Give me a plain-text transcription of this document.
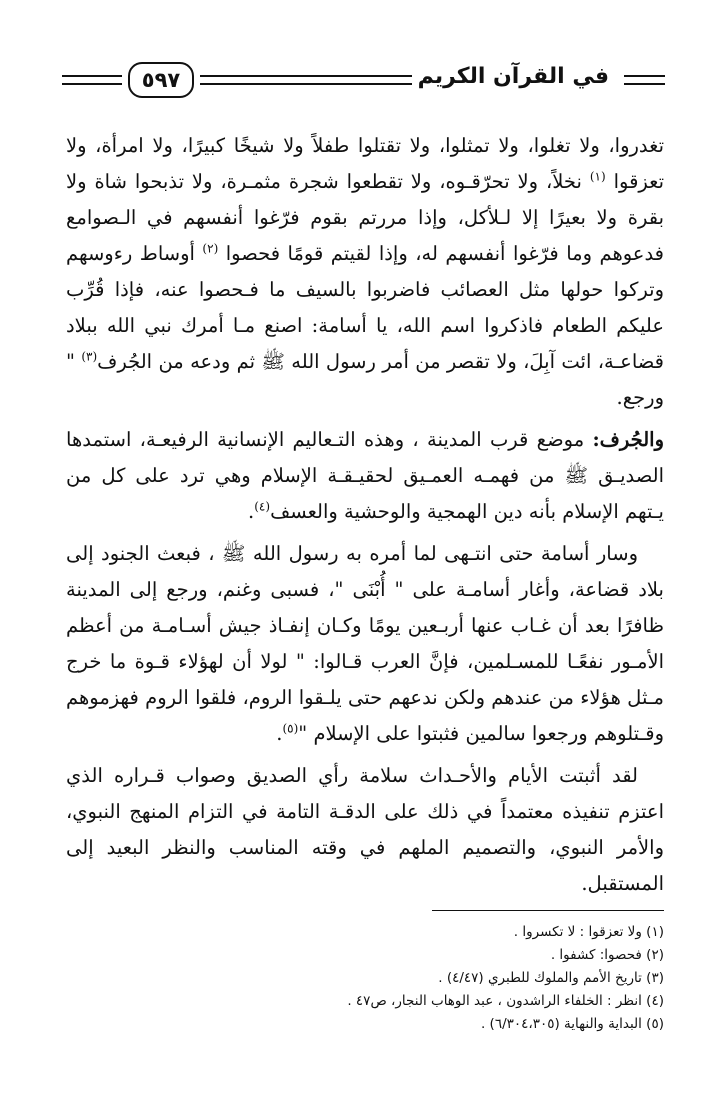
٥٩٧	في القرآن الكريم

تغدروا، ولا تغلوا، ولا تمثلوا، ولا تقتلوا طفلاً ولا شيخًا كبيرًا، ولا امرأة، ولا تعزقوا $^{(١)}$ نخلاً، ولا تحرّقـوه، ولا تقطعوا شجرة مثمـرة، ولا تذبحوا شاة ولا بقرة ولا بعيرًا إلا لـلأكل، وإذا مررتم بقوم فرّغوا أنفسهم في الـصوامع فدعوهم وما فرّغوا أنفسهم له، وإذا لقيتم قومًا فحصوا $^{(٢)}$ أوساط رءوسهم وتركوا حولها مثل العصائب فاضربوا بالسيف ما فـحصوا عنه، فإذا قُرِّب عليكم الطعام فاذكروا اسم الله، يا أسامة: اصنع مـا أمرك نبي الله ببلاد قضاعـة، ائت آبِلَ، ولا تقصر من أمر رسول الله ﷺ ثم ودعه من الجُرف$^{(٣)}$ " ورجع.

والجُرف: موضع قرب المدينة ، وهذه التـعاليم الإنسانية الرفيعـة، استمدها الصديـق ﷺ من فهمـه العمـيق لحقيـقـة الإسلام وهي ترد على كل من يـتهم الإسلام بأنه دين الهمجية والوحشية والعسف$^{(٤)}$.

وسار أسامة حتى انتـهى لما أمره به رسول الله ﷺ ، فبعث الجنود إلى بلاد قضاعة، وأغار أسامـة على " أُبْنَى "، فسبى وغنم، ورجع إلى المدينة ظافرًا بعد أن غـاب عنها أربـعين يومًا وكـان إنفـاذ جيش أسـامـة من أعظم الأمـور نفعًـا للمسـلمين، فإنَّ العرب قـالوا: " لولا أن لهؤلاء قـوة ما خرج مـثل هؤلاء من عندهم ولكن ندعهم حتى يلـقوا الروم، فلقوا الروم فهزموهم وقـتلوهم ورجعوا سالمين فثبتوا على الإسلام "$^{(٥)}$.

لقد أثبتت الأيام والأحـداث سلامة رأي الصديق وصواب قـراره الذي اعتزم تنفيذه معتمداً في ذلك على الدقـة التامة في التزام المنهج النبوي، والأمر النبوي، والتصميم الملهم في وقته المناسب والنظر البعيد إلى المستقبل.

(١) ولا تعزقوا : لا تكسروا .
(٢) فحصوا: كشفوا .
(٣) تاريخ الأمم والملوك للطبري (٤/٤٧) .
(٤) انظر : الخلفاء الراشدون ، عبد الوهاب النجار، ص٤٧ .
(٥) البداية والنهاية (٦/٣٠٤،٣٠٥) .
